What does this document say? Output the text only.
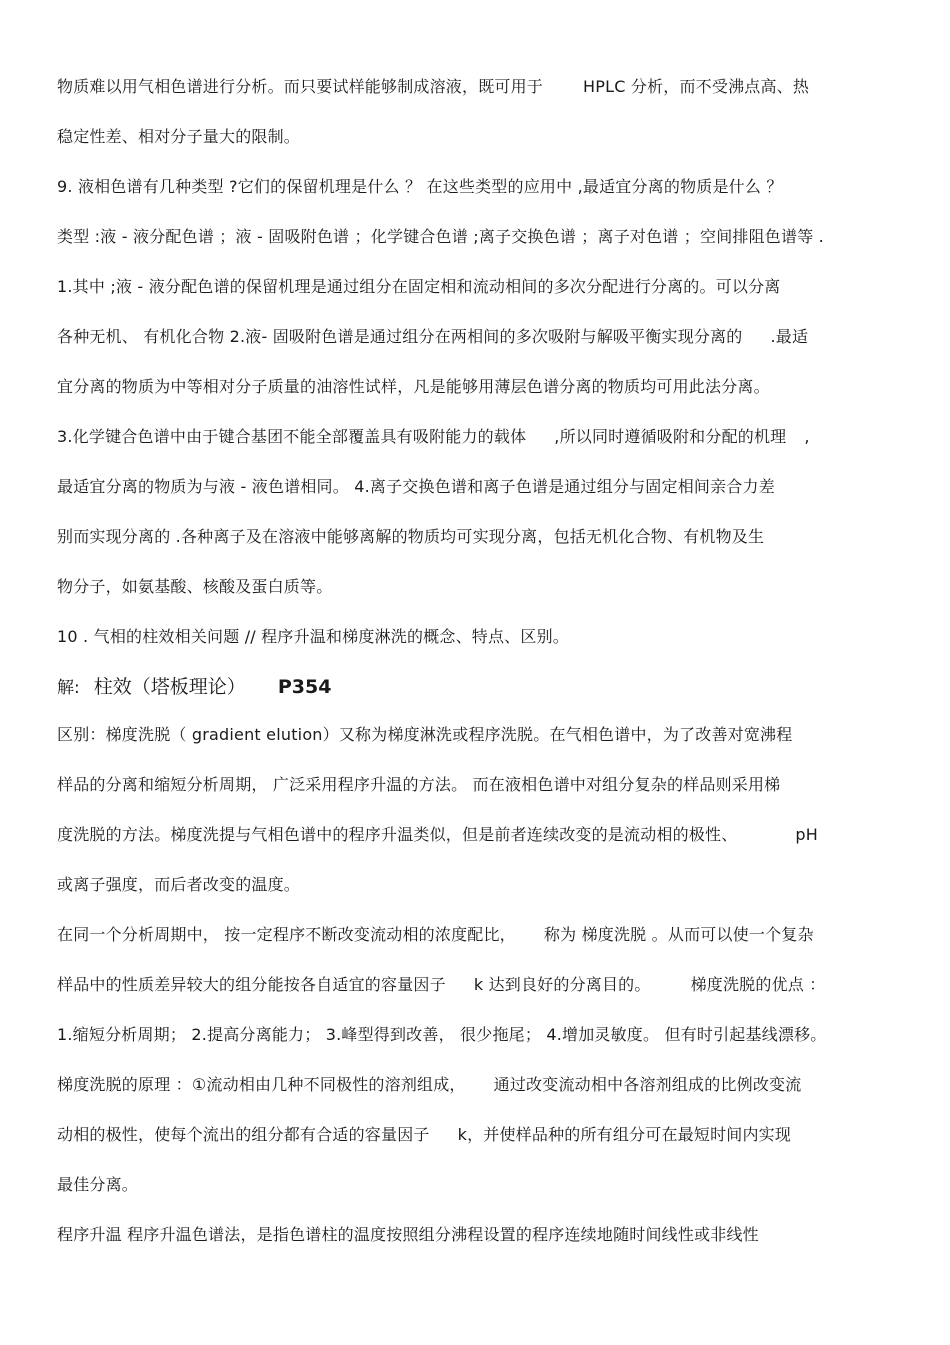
物质难以用气相色谱进行分析。而只要试样能够制成溶液，既可用于	HPLC 分析，而不受沸点高、热
稳定性差、相对分子量大的限制。
9. 液相色谱有几种类型 ?它们的保留机理是什么 ？ 在这些类型的应用中 ,最适宜分离的物质是什么 ？
类型 :液 - 液分配色谱 ；液 - 固吸附色谱 ；化学键合色谱 ;离子交换色谱 ；离子对色谱 ；空间排阻色谱等 .
1.其中 ;液 - 液分配色谱的保留机理是通过组分在固定相和流动相间的多次分配进行分离的。可以分离
各种无机、 有机化合物 2.液- 固吸附色谱是通过组分在两相间的多次吸附与解吸平衡实现分离的 .最适
宜分离的物质为中等相对分子质量的油溶性试样，凡是能够用薄层色谱分离的物质均可用此法分离。
3.化学键合色谱中由于键合基团不能全部覆盖具有吸附能力的载体 ,所以同时遵循吸附和分配的机理 ,
最适宜分离的物质为与液 - 液色谱相同。 4.离子交换色谱和离子色谱是通过组分与固定相间亲合力差
别而实现分离的 .各种离子及在溶液中能够离解的物质均可实现分离，包括无机化合物、有机物及生
物分子，如氨基酸、核酸及蛋白质等。
10 . 气相的柱效相关问题 // 程序升温和梯度淋洗的概念、特点、区别。
解: 柱效（塔板理论） P354
区别：梯度洗脱（ gradient elution）又称为梯度淋洗或程序洗脱。在气相色谱中，为了改善对宽沸程
样品的分离和缩短分析周期， 广泛采用程序升温的方法。 而在液相色谱中对组分复杂的样品则采用梯
度洗脱的方法。梯度洗提与气相色谱中的程序升温类似，但是前者连续改变的是流动相的极性、	pH
或离子强度，而后者改变的温度。
在同一个分析周期中， 按一定程序不断改变流动相的浓度配比， 称为 梯度洗脱 。从而可以使一个复杂
样品中的性质差异较大的组分能按各自适宜的容量因子 k 达到良好的分离目的。	梯度洗脱的优点 ：
1.缩短分析周期； 2.提高分离能力； 3.峰型得到改善， 很少拖尾； 4.增加灵敏度。 但有时引起基线漂移。
梯度洗脱的原理 ：①流动相由几种不同极性的溶剂组成， 通过改变流动相中各溶剂组成的比例改变流
动相的极性，使每个流出的组分都有合适的容量因子 k，并使样品种的所有组分可在最短时间内实现
最佳分离。
程序升温 程序升温色谱法，是指色谱柱的温度按照组分沸程设置的程序连续地随时间线性或非线性
